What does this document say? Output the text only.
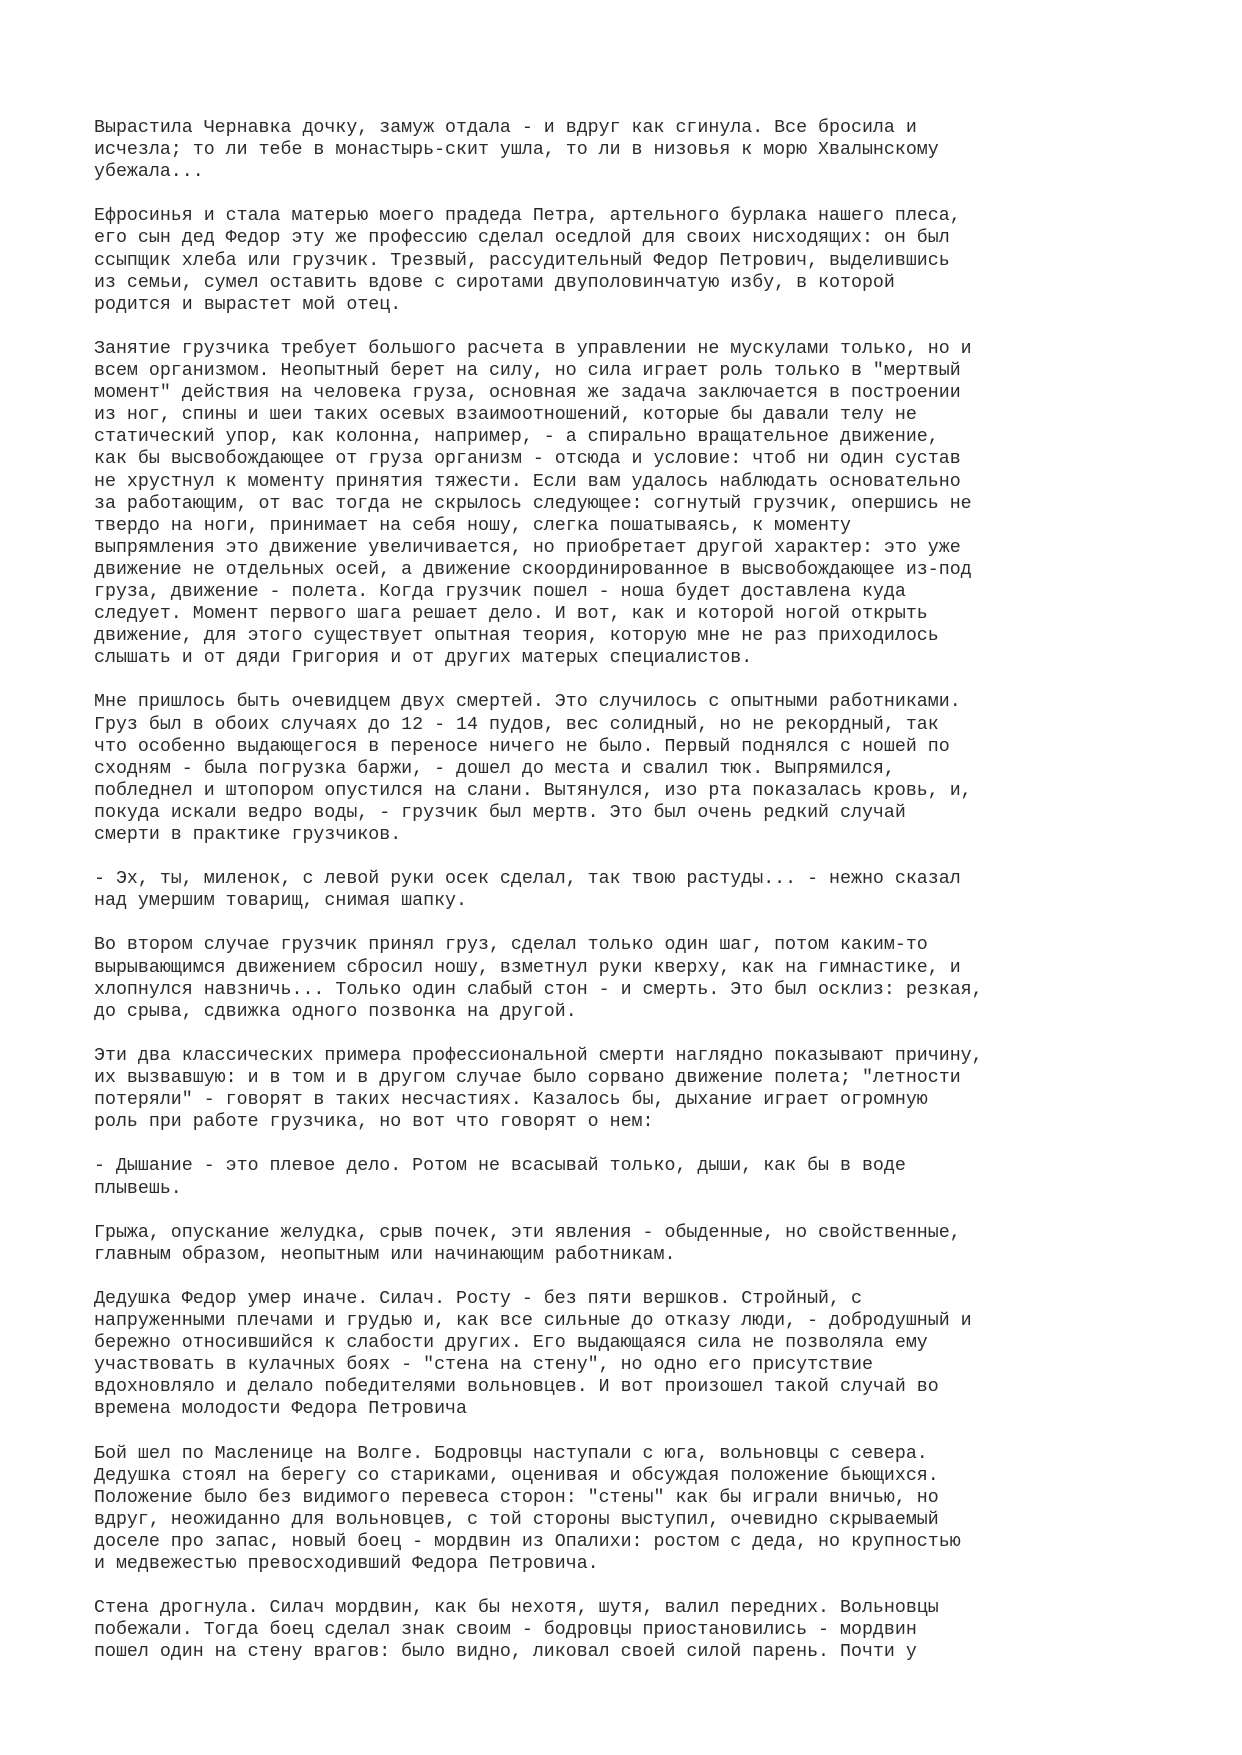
Вырастила Чернавка дочку, замуж отдала - и вдруг как сгинула. Все бросила и
исчезла; то ли тебе в монастырь-скит ушла, то ли в низовья к морю Хвалынскому
убежала...

Ефросинья и стала матерью моего прадеда Петра, артельного бурлака нашего плеса,
его сын дед Федор эту же профессию сделал оседлой для своих нисходящих: он был
ссыпщик хлеба или грузчик. Трезвый, рассудительный Федор Петрович, выделившись
из семьи, сумел оставить вдове с сиротами двуполовинчатую избу, в которой
родится и вырастет мой отец.

Занятие грузчика требует большого расчета в управлении не мускулами только, но и
всем организмом. Неопытный берет на силу, но сила играет роль только в "мертвый
момент" действия на человека груза, основная же задача заключается в построении
из ног, спины и шеи таких осевых взаимоотношений, которые бы давали телу не
статический упор, как колонна, например, - а спирально вращательное движение,
как бы высвобождающее от груза организм - отсюда и условие: чтоб ни один сустав
не хрустнул к моменту принятия тяжести. Если вам удалось наблюдать основательно
за работающим, от вас тогда не скрылось следующее: согнутый грузчик, опершись не
твердо на ноги, принимает на себя ношу, слегка пошатываясь, к моменту
выпрямления это движение увеличивается, но приобретает другой характер: это уже
движение не отдельных осей, а движение скоординированное в высвобождающее из-под
груза, движение - полета. Когда грузчик пошел - ноша будет доставлена куда
следует. Момент первого шага решает дело. И вот, как и которой ногой открыть
движение, для этого существует опытная теория, которую мне не раз приходилось
слышать и от дяди Григория и от других матерых специалистов.

Мне пришлось быть очевидцем двух смертей. Это случилось с опытными работниками.
Груз был в обоих случаях до 12 - 14 пудов, вес солидный, но не рекордный, так
что особенно выдающегося в переносе ничего не было. Первый поднялся с ношей по
сходням - была погрузка баржи, - дошел до места и свалил тюк. Выпрямился,
побледнел и штопором опустился на слани. Вытянулся, изо рта показалась кровь, и,
покуда искали ведро воды, - грузчик был мертв. Это был очень редкий случай
смерти в практике грузчиков.

- Эх, ты, миленок, с левой руки осек сделал, так твою растуды... - нежно сказал
над умершим товарищ, снимая шапку.

Во втором случае грузчик принял груз, сделал только один шаг, потом каким-то
вырывающимся движением сбросил ношу, взметнул руки кверху, как на гимнастике, и
хлопнулся навзничь... Только один слабый стон - и смерть. Это был осклиз: резкая,
до срыва, сдвижка одного позвонка на другой.

Эти два классических примера профессиональной смерти наглядно показывают причину,
их вызвавшую: и в том и в другом случае было сорвано движение полета; "летности
потеряли" - говорят в таких несчастиях. Казалось бы, дыхание играет огромную
роль при работе грузчика, но вот что говорят о нем:

- Дышание - это плевое дело. Ротом не всасывай только, дыши, как бы в воде
плывешь.

Грыжа, опускание желудка, срыв почек, эти явления - обыденные, но свойственные,
главным образом, неопытным или начинающим работникам.

Дедушка Федор умер иначе. Силач. Росту - без пяти вершков. Стройный, с
напруженными плечами и грудью и, как все сильные до отказу люди, - добродушный и
бережно относившийся к слабости других. Его выдающаяся сила не позволяла ему
участвовать в кулачных боях - "стена на стену", но одно его присутствие
вдохновляло и делало победителями вольновцев. И вот произошел такой случай во
времена молодости Федора Петровича

Бой шел по Масленице на Волге. Бодровцы наступали с юга, вольновцы с севера.
Дедушка стоял на берегу со стариками, оценивая и обсуждая положение бьющихся.
Положение было без видимого перевеса сторон: "стены" как бы играли вничью, но
вдруг, неожиданно для вольновцев, с той стороны выступил, очевидно скрываемый
доселе про запас, новый боец - мордвин из Опалихи: ростом с деда, но крупностью
и медвежестью превосходивший Федора Петровича.

Стена дрогнула. Силач мордвин, как бы нехотя, шутя, валил передних. Вольновцы
побежали. Тогда боец сделал знак своим - бодровцы приостановились - мордвин
пошел один на стену врагов: было видно, ликовал своей силой парень. Почти у
